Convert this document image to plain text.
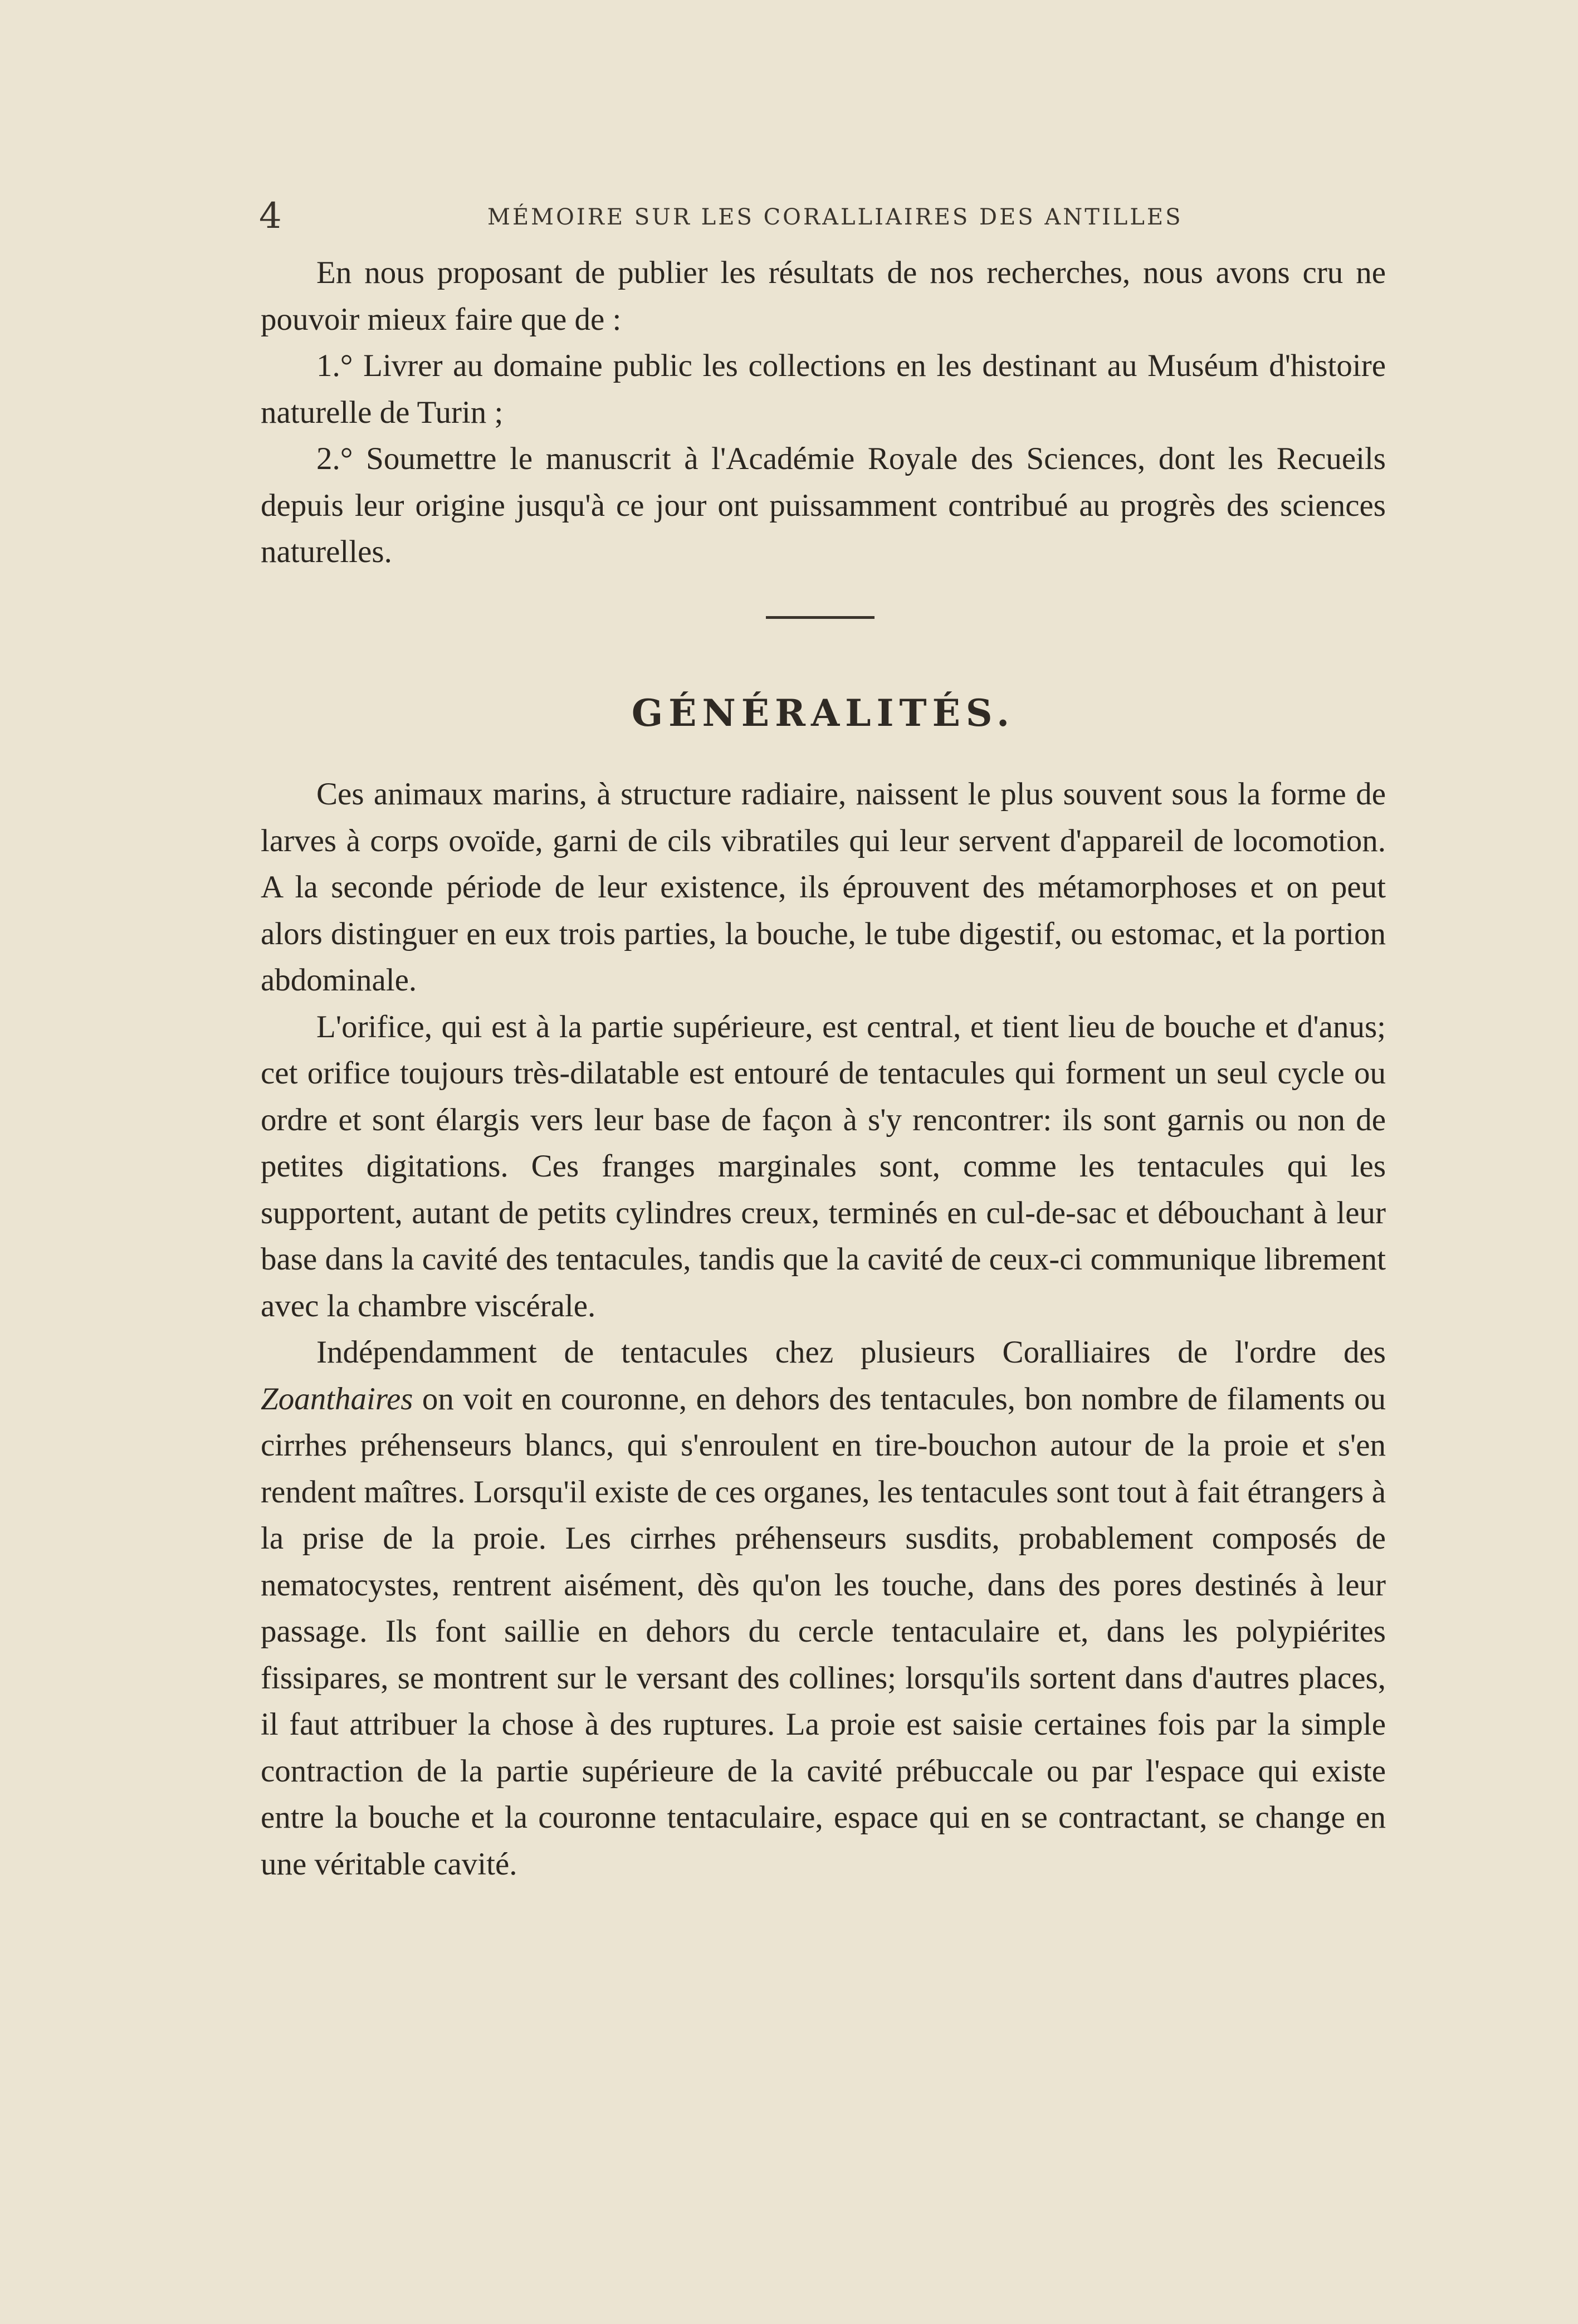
4	MÉMOIRE SUR LES CORALLIAIRES DES ANTILLES

En nous proposant de publier les résultats de nos recherches, nous avons cru ne pouvoir mieux faire que de :

1.° Livrer au domaine public les collections en les destinant au Muséum d'histoire naturelle de Turin ;

2.° Soumettre le manuscrit à l'Académie Royale des Sciences, dont les Recueils depuis leur origine jusqu'à ce jour ont puissamment contribué au progrès des sciences naturelles.

GÉNÉRALITÉS.

Ces animaux marins, à structure radiaire, naissent le plus souvent sous la forme de larves à corps ovoïde, garni de cils vibratiles qui leur servent d'appareil de locomotion. A la seconde période de leur existence, ils éprouvent des métamorphoses et on peut alors distinguer en eux trois parties, la bouche, le tube digestif, ou estomac, et la portion abdominale.

L'orifice, qui est à la partie supérieure, est central, et tient lieu de bouche et d'anus; cet orifice toujours très-dilatable est entouré de tentacules qui forment un seul cycle ou ordre et sont élargis vers leur base de façon à s'y rencontrer: ils sont garnis ou non de petites digitations. Ces franges marginales sont, comme les tentacules qui les supportent, autant de petits cylindres creux, terminés en cul-de-sac et débouchant à leur base dans la cavité des tentacules, tandis que la cavité de ceux-ci communique librement avec la chambre viscérale.

Indépendamment de tentacules chez plusieurs Coralliaires de l'ordre des Zoanthaires on voit en couronne, en dehors des tentacules, bon nombre de filaments ou cirrhes préhenseurs blancs, qui s'enroulent en tire-bouchon autour de la proie et s'en rendent maîtres. Lorsqu'il existe de ces organes, les tentacules sont tout à fait étrangers à la prise de la proie. Les cirrhes préhenseurs susdits, probablement composés de nematocystes, rentrent aisément, dès qu'on les touche, dans des pores destinés à leur passage. Ils font saillie en dehors du cercle tentaculaire et, dans les polypiérites fissipares, se montrent sur le versant des collines; lorsqu'ils sortent dans d'autres places, il faut attribuer la chose à des ruptures. La proie est saisie certaines fois par la simple contraction de la partie supérieure de la cavité prébuccale ou par l'espace qui existe entre la bouche et la couronne tentaculaire, espace qui en se contractant, se change en une véritable cavité.
